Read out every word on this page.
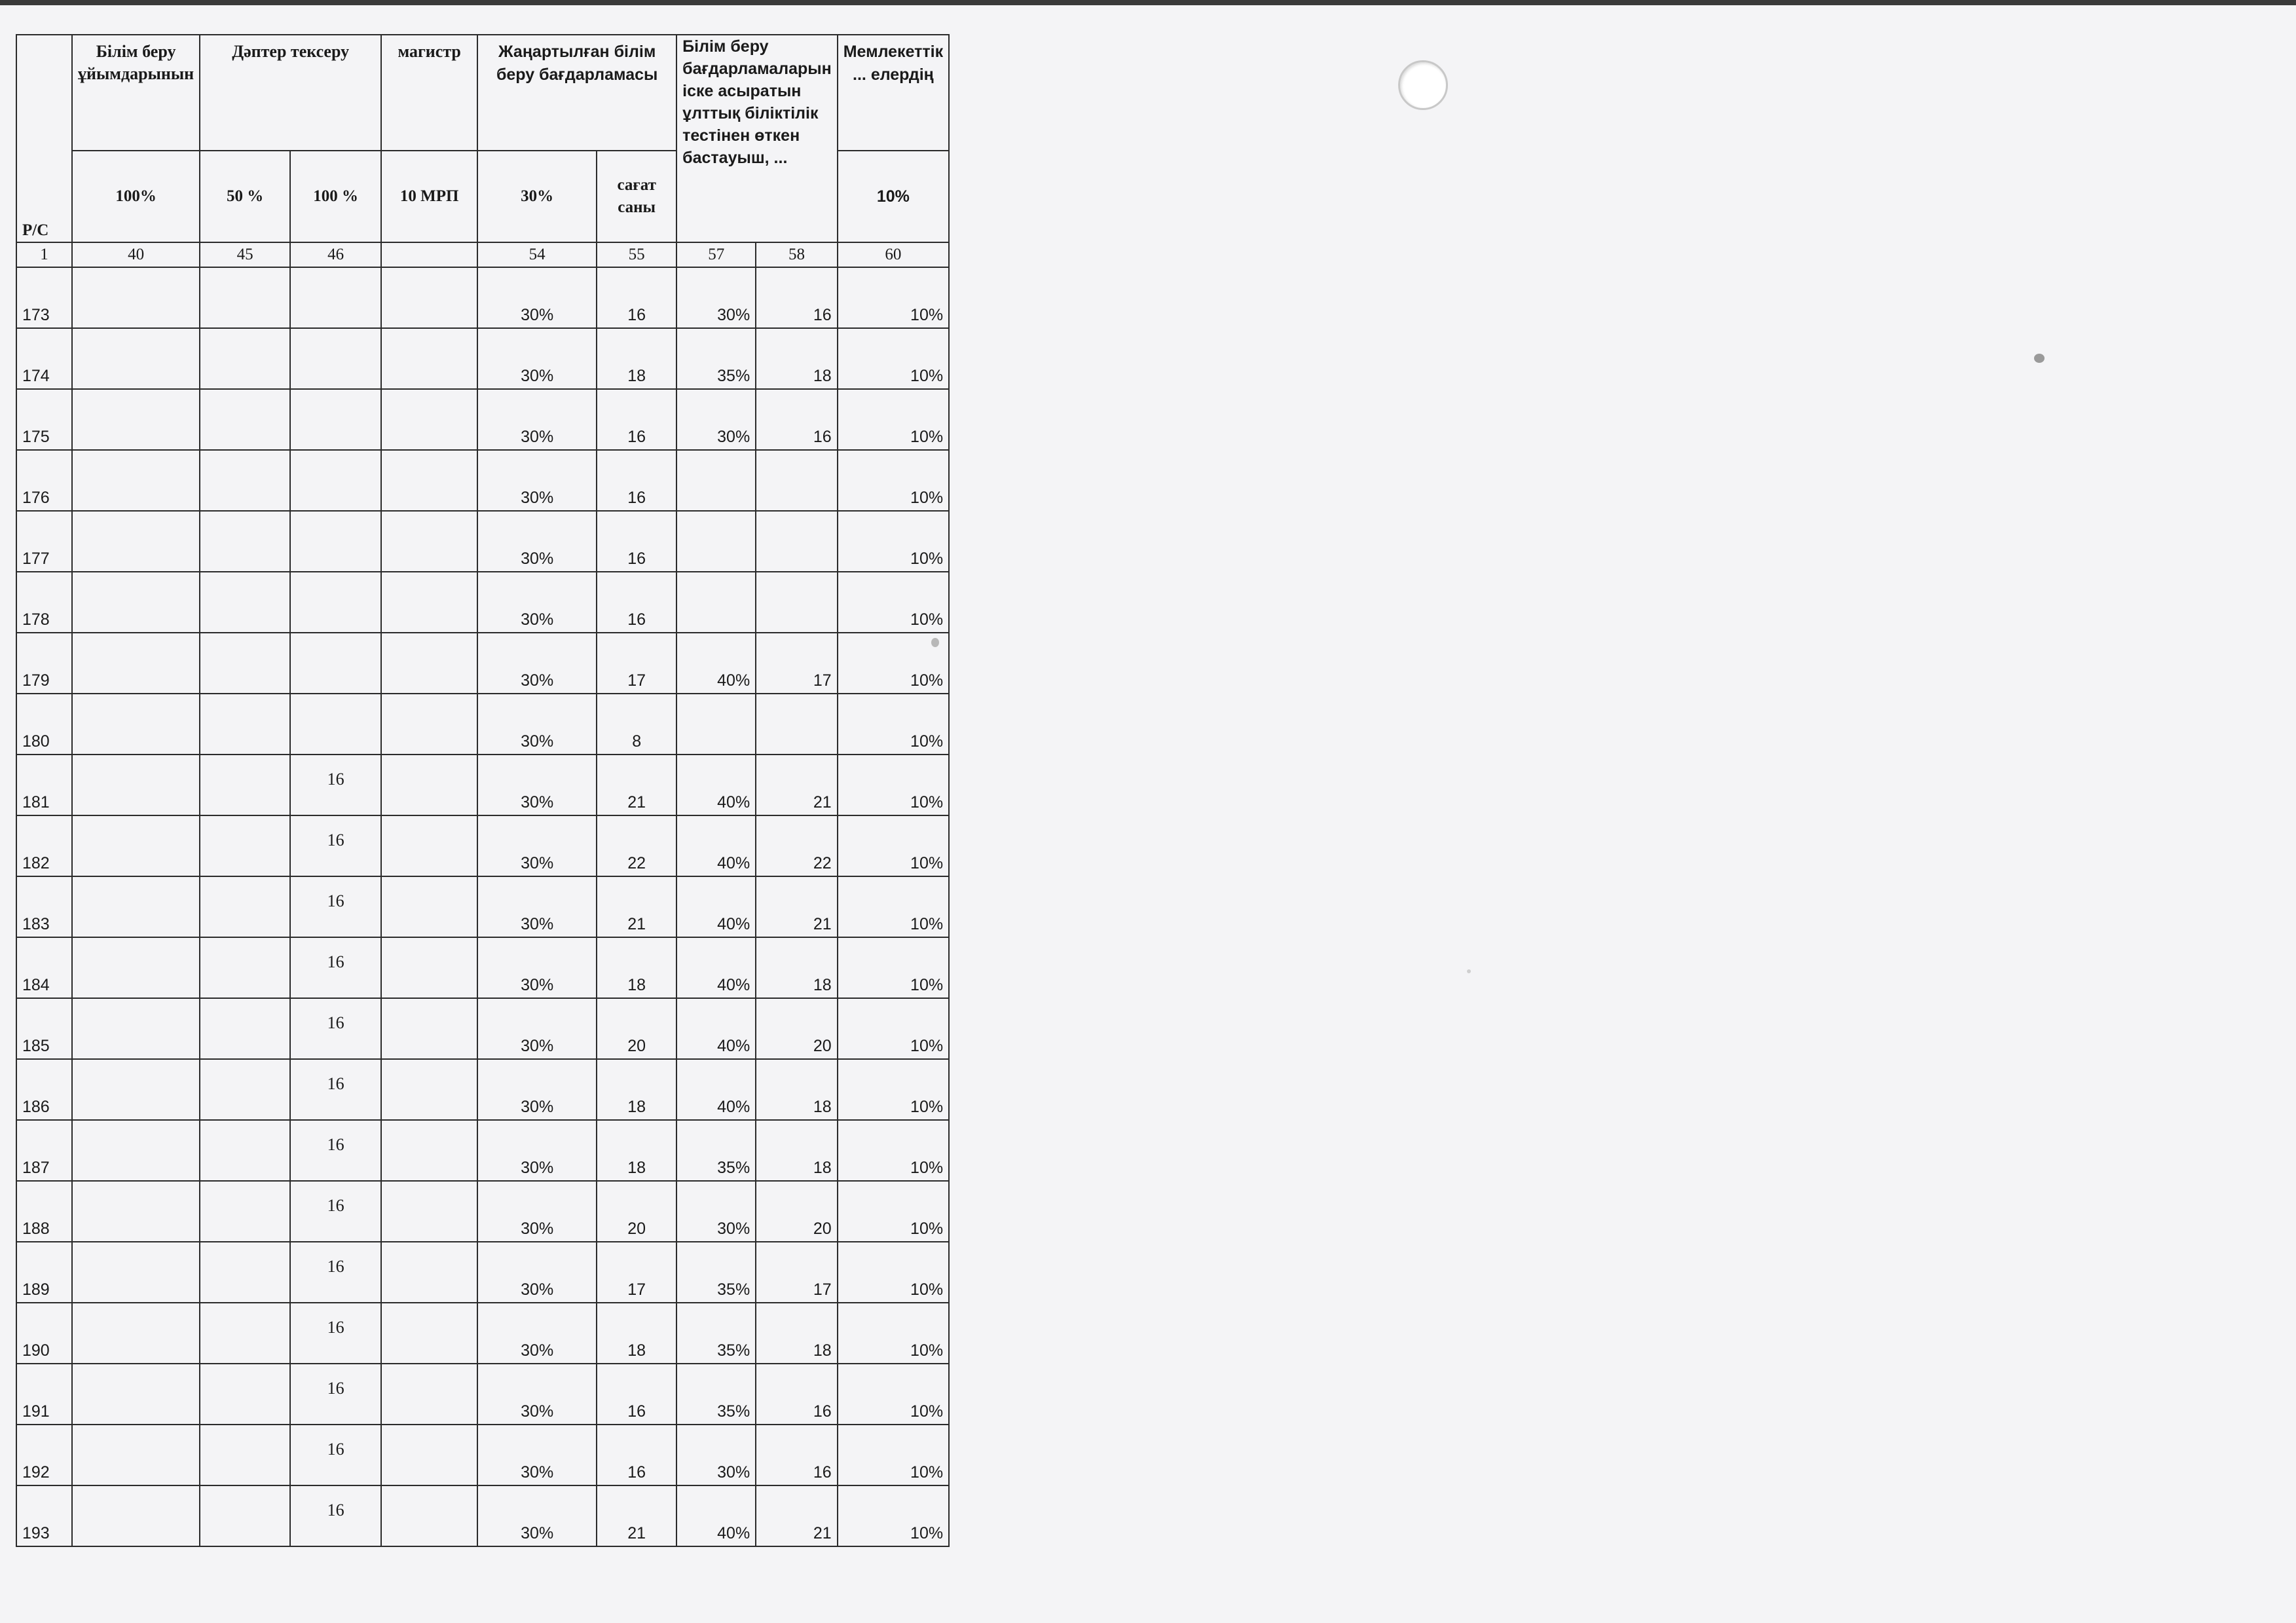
Р/С	Білім беру ұйымдарынын	Дәптер тексеру		магистр	Жаңартылған білім беру бағдарламасы		Білім беру бағдарламаларын іске асыратын ұлттық біліктілік тестінен өткен бастауыш, ...		Мемлекеттік ... елердің
	100%	50 %	100 %	10 МРП	30%	сағат саны			10%
1	40	45	46		54	55	57	58	60
173					30%	16	30%	16	10%
174					30%	18	35%	18	10%
175					30%	16	30%	16	10%
176					30%	16			10%
177					30%	16			10%
178					30%	16			10%
179					30%	17	40%	17	10%
180					30%	8			10%
181			16		30%	21	40%	21	10%
182			16		30%	22	40%	22	10%
183			16		30%	21	40%	21	10%
184			16		30%	18	40%	18	10%
185			16		30%	20	40%	20	10%
186			16		30%	18	40%	18	10%
187			16		30%	18	35%	18	10%
188			16		30%	20	30%	20	10%
189			16		30%	17	35%	17	10%
190			16		30%	18	35%	18	10%
191			16		30%	16	35%	16	10%
192			16		30%	16	30%	16	10%
193			16		30%	21	40%	21	10%
